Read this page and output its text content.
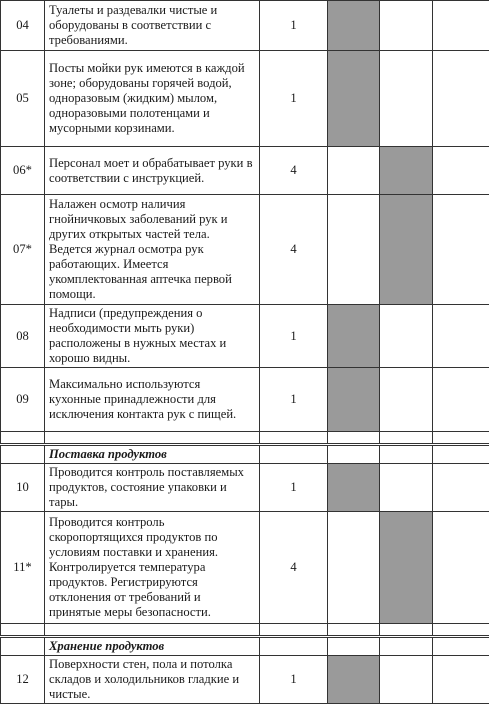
04	Туалеты и раздевалки чистые и оборудованы в соответствии с требованиями.	1			
05	Посты мойки рук имеются в каждой зоне; оборудованы горячей водой, одноразовым (жидким) мылом, одноразовыми полотенцами и мусорными корзинами.	1			
06*	Персонал моет и обрабатывает руки в соответствии с инструкцией.	4			
07*	Налажен осмотр наличия гнойничковых заболеваний рук и других открытых частей тела. Ведется журнал осмотра рук работающих. Имеется укомплектованная аптечка первой помощи.	4			
08	Надписи (предупреждения о необходимости мыть руки) расположены в нужных местах и хорошо видны.	1			
09	Максимально используются кухонные принадлежности для исключения контакта рук с пищей.	1			

	Поставка продуктов				
10	Проводится контроль поставляемых продуктов, состояние упаковки и тары.	1			
11*	Проводится контроль скоропортящихся продуктов по условиям поставки и хранения. Контролируется температура продуктов. Регистрируются отклонения от требований и принятые меры безопасности.	4			

	Хранение продуктов				
12	Поверхности стен, пола и потолка складов и холодильников гладкие и чистые.	1			
